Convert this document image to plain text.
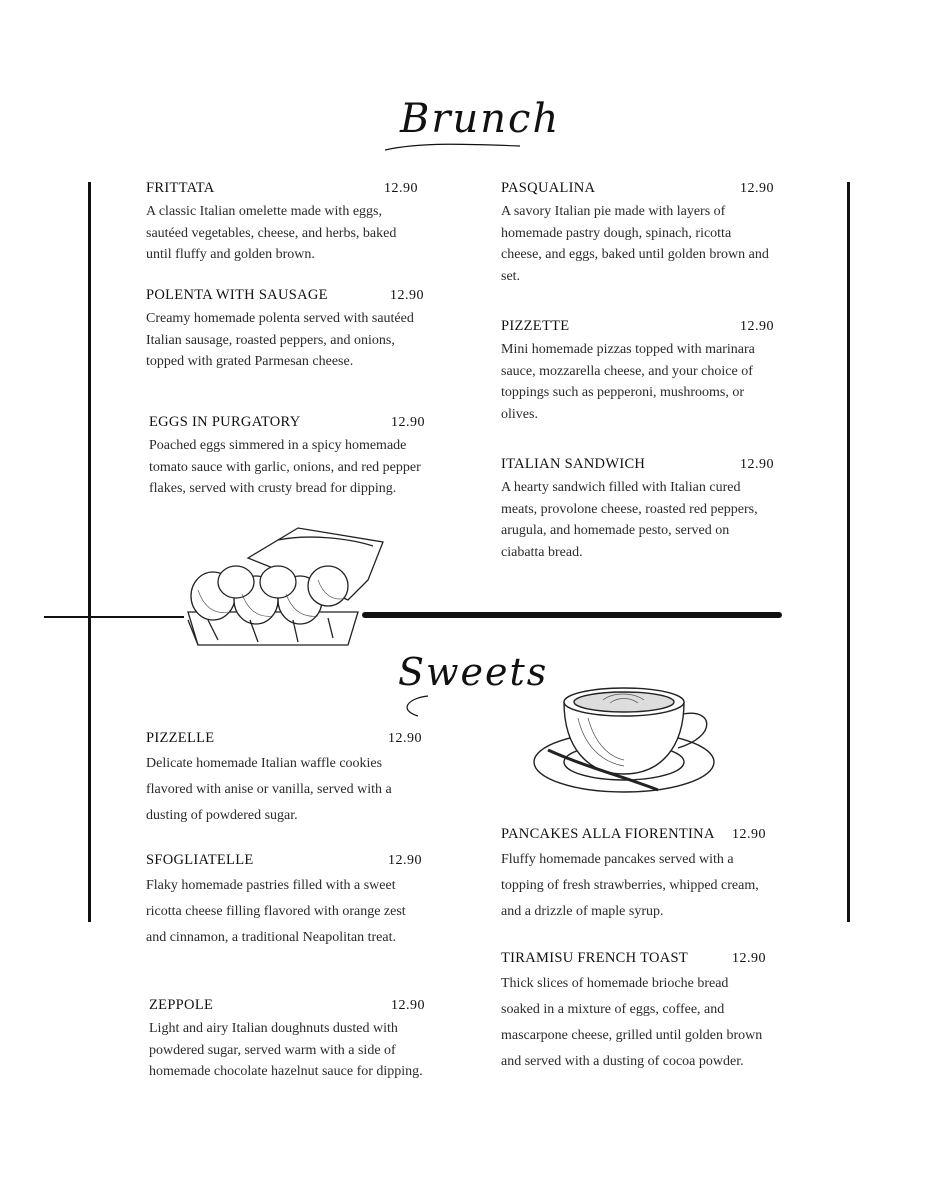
Brunch
Sweets
FRITTATA	12.90
A classic Italian omelette made with eggs, sautéed vegetables, cheese, and herbs, baked until fluffy and golden brown.
POLENTA WITH SAUSAGE	12.90
Creamy homemade polenta served with sautéed Italian sausage, roasted peppers, and onions, topped with grated Parmesan cheese.
EGGS IN PURGATORY	12.90
Poached eggs simmered in a spicy homemade tomato sauce with garlic, onions, and red pepper flakes, served with crusty bread for dipping.
PASQUALINA	12.90
A savory Italian pie made with layers of homemade pastry dough, spinach, ricotta cheese, and eggs, baked until golden brown and set.
PIZZETTE	12.90
Mini homemade pizzas topped with marinara sauce, mozzarella cheese, and your choice of toppings such as pepperoni, mushrooms, or olives.
ITALIAN SANDWICH	12.90
A hearty sandwich filled with Italian cured meats, provolone cheese, roasted red peppers, arugula, and homemade pesto, served on ciabatta bread.
PIZZELLE	12.90
Delicate homemade Italian waffle cookies flavored with anise or vanilla, served with a dusting of powdered sugar.
SFOGLIATELLE	12.90
Flaky homemade pastries filled with a sweet ricotta cheese filling flavored with orange zest and cinnamon, a traditional Neapolitan treat.
ZEPPOLE	12.90
Light and airy Italian doughnuts dusted with powdered sugar, served warm with a side of homemade chocolate hazelnut sauce for dipping.
PANCAKES ALLA FIORENTINA 12.90
Fluffy homemade pancakes served with a topping of fresh strawberries, whipped cream, and a drizzle of maple syrup.
TIRAMISU FRENCH TOAST	12.90
Thick slices of homemade brioche bread soaked in a mixture of eggs, coffee, and mascarpone cheese, grilled until golden brown and served with a dusting of cocoa powder.
